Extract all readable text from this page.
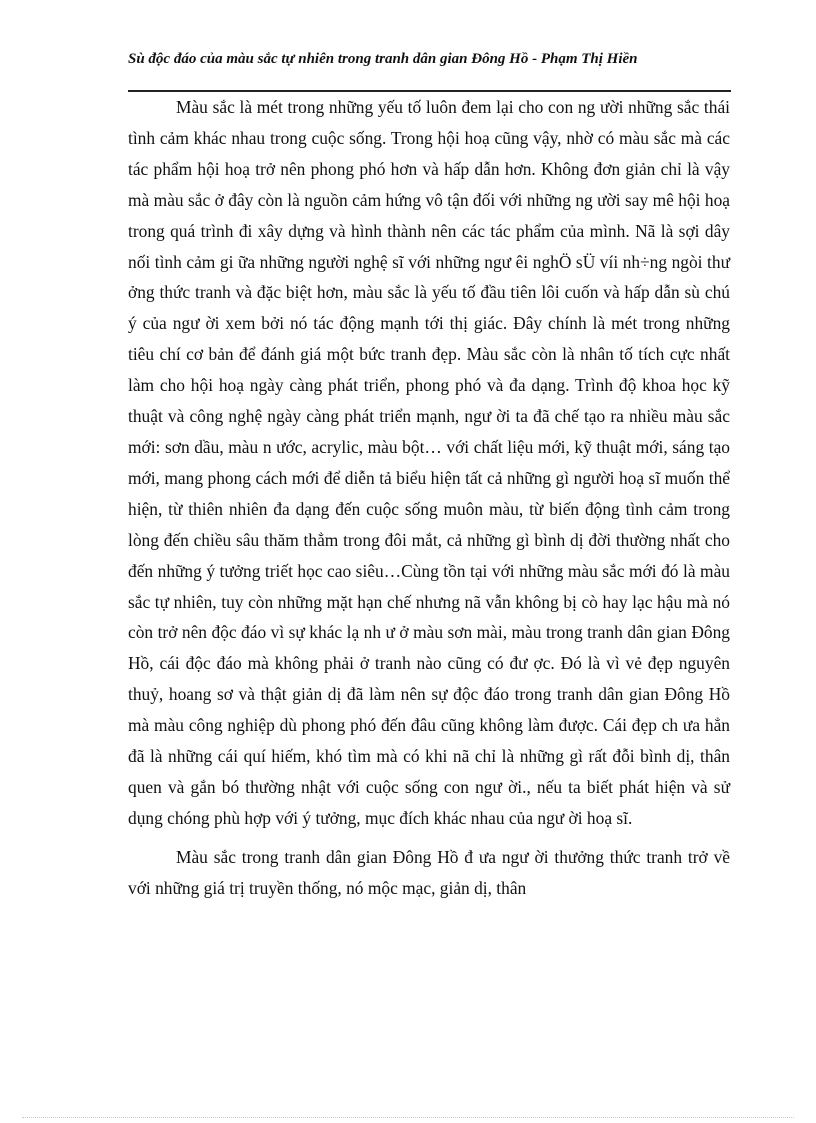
Sù độc đáo của màu sắc tự nhiên trong tranh dân gian Đông Hồ - Phạm Thị Hiền

Màu sắc là mét trong những yếu tố luôn đem lại cho con ng ười những sắc thái tình cảm khác nhau trong cuộc sống. Trong hội hoạ cũng vậy, nhờ có màu sắc mà các tác phẩm hội hoạ trở nên phong phó hơn và hấp dẫn hơn. Không đơn giản chỉ là vậy mà màu sắc ở đây còn là nguồn cảm hứng vô tận đối với những ng ười say mê hội hoạ trong quá trình đi xây dựng và hình thành nên các tác phẩm của mình. Nã là sợi dây nối tình cảm gi ữa những người nghệ sĩ với những ngư êi nghÖ sÜ víi nh÷ng ngòi thư ởng thức tranh và đặc biệt hơn, màu sắc là yếu tố đầu tiên lôi cuốn và hấp dẫn sù chú ý của ngư ời xem bởi nó tác động mạnh tới thị giác. Đây chính là mét trong những tiêu chí cơ bản để đánh giá một bức tranh đẹp. Màu sắc còn là nhân tố tích cực nhất làm cho hội hoạ ngày càng phát triển, phong phó và đa dạng. Trình độ khoa học kỹ thuật và công nghệ ngày càng phát triển mạnh, ngư ời ta đã chế tạo ra nhiều màu sắc mới: sơn dầu, màu n ước, acrylic, màu bột… với chất liệu mới, kỹ thuật mới, sáng tạo mới, mang phong cách mới để diễn tả biểu hiện tất cả những gì người hoạ sĩ muốn thể hiện, từ thiên nhiên đa dạng đến cuộc sống muôn màu, từ biến động tình cảm trong lòng đến chiều sâu thăm thẳm trong đôi mắt, cả những gì bình dị đời thường nhất cho đến những ý tưởng triết học cao siêu…Cùng tồn tại với những màu sắc mới đó là màu sắc tự nhiên, tuy còn những mặt hạn chế nhưng nã vẫn không bị cò hay lạc hậu mà nó còn trở nên độc đáo vì sự khác lạ nh ư ở màu sơn mài, màu trong tranh dân gian Đông Hồ, cái độc đáo mà không phải ở tranh nào cũng có đư ợc. Đó là vì vẻ đẹp nguyên thuỷ, hoang sơ và thật giản dị đã làm nên sự độc đáo trong tranh dân gian Đông Hồ mà màu công nghiệp dù phong phó đến đâu cũng không làm được. Cái đẹp ch ưa hẳn đã là những cái quí hiếm, khó tìm mà có khi nã chỉ là những gì rất đỗi bình dị, thân quen và gắn bó thường nhật với cuộc sống con ngư ời., nếu ta biết phát hiện và sử dụng chóng phù hợp với ý tưởng, mục đích khác nhau của ngư ời hoạ sĩ.

Màu sắc trong tranh dân gian Đông Hồ đ ưa ngư ời thưởng thức tranh trở về với những giá trị truyền thống, nó mộc mạc, giản dị, thân
